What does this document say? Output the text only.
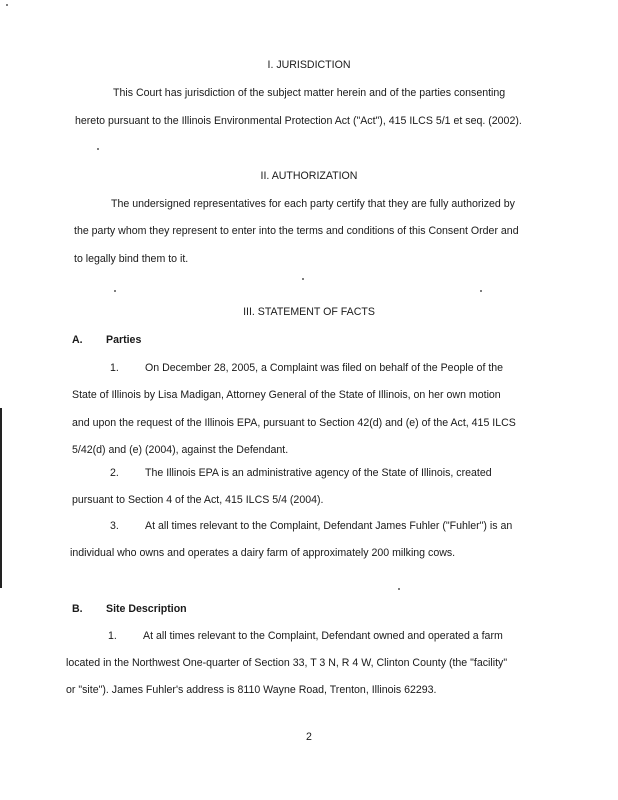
I. JURISDICTION
This Court has jurisdiction of the subject matter herein and of the parties consenting
hereto pursuant to the Illinois Environmental Protection Act ("Act"), 415 ILCS 5/1 et seq. (2002).
II. AUTHORIZATION
The undersigned representatives for each party certify that they are fully authorized by
the party whom they represent to enter into the terms and conditions of this Consent Order and
to legally bind them to it.
III. STATEMENT OF FACTS
A. Parties
1. On December 28, 2005, a Complaint was filed on behalf of the People of the
State of Illinois by Lisa Madigan, Attorney General of the State of Illinois, on her own motion
and upon the request of the Illinois EPA, pursuant to Section 42(d) and (e) of the Act, 415 ILCS
5/42(d) and (e) (2004), against the Defendant.
2. The Illinois EPA is an administrative agency of the State of Illinois, created
pursuant to Section 4 of the Act, 415 ILCS 5/4 (2004).
3. At all times relevant to the Complaint, Defendant James Fuhler ("Fuhler") is an
individual who owns and operates a dairy farm of approximately 200 milking cows.
B. Site Description
1. At all times relevant to the Complaint, Defendant owned and operated a farm
located in the Northwest One-quarter of Section 33, T 3 N, R 4 W, Clinton County (the "facility"
or "site"). James Fuhler's address is 8110 Wayne Road, Trenton, Illinois 62293.
2
